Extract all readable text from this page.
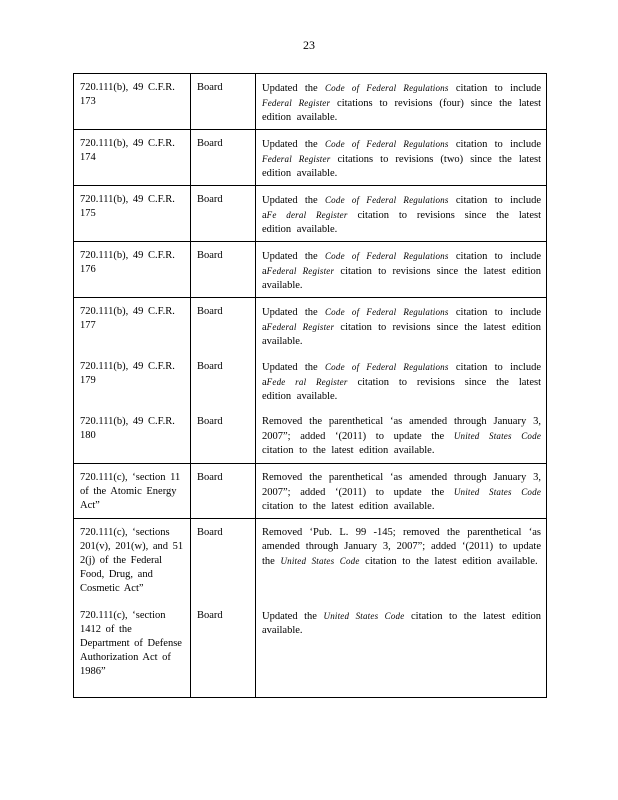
23
720.111(b), 49 C.F.R. 173	Board	Updated the Code of Federal Regulations citation to include Federal Register citations to revisions (four) since the latest edition available.
720.111(b), 49 C.F.R. 174	Board	Updated the Code of Federal Regulations citation to include Federal Register citations to revisions (two) since the latest edition available.
720.111(b), 49 C.F.R. 175	Board	Updated the Code of Federal Regulations citation to include aFe deral Register citation to revisions since the latest edition available.
720.111(b), 49 C.F.R. 176	Board	Updated the Code of Federal Regulations citation to include aFederal Register citation to revisions since the latest edition available.
720.111(b), 49 C.F.R. 177	Board	Updated the Code of Federal Regulations citation to include aFederal Register citation to revisions since the latest edition available.
720.111(b), 49 C.F.R. 179	Board	Updated the Code of Federal Regulations citation to include aFede ral Register citation to revisions since the latest edition available.
720.111(b), 49 C.F.R. 180	Board	Removed the parenthetical ‘as amended through January 3, 2007”; added ‘(2011) to update the United States Code citation to the latest edition available.
720.111(c), ‘section 11 of the Atomic Energy Act”	Board	Removed the parenthetical ‘as amended through January 3, 2007”; added ‘(2011) to update the United States Code citation to the latest edition available.
720.111(c), ‘sections 201(v), 201(w), and 51 2(j) of the Federal Food, Drug, and Cosmetic Act”	Board	Removed ‘Pub. L. 99 -145; removed the parenthetical ‘as amended through January 3, 2007”; added ‘(2011) to update the United States Code citation to the latest edition available.
720.111(c), ‘section 1412 of the Department of Defense Authorization Act of 1986”	Board	Updated the United States Code citation to the latest edition available.
